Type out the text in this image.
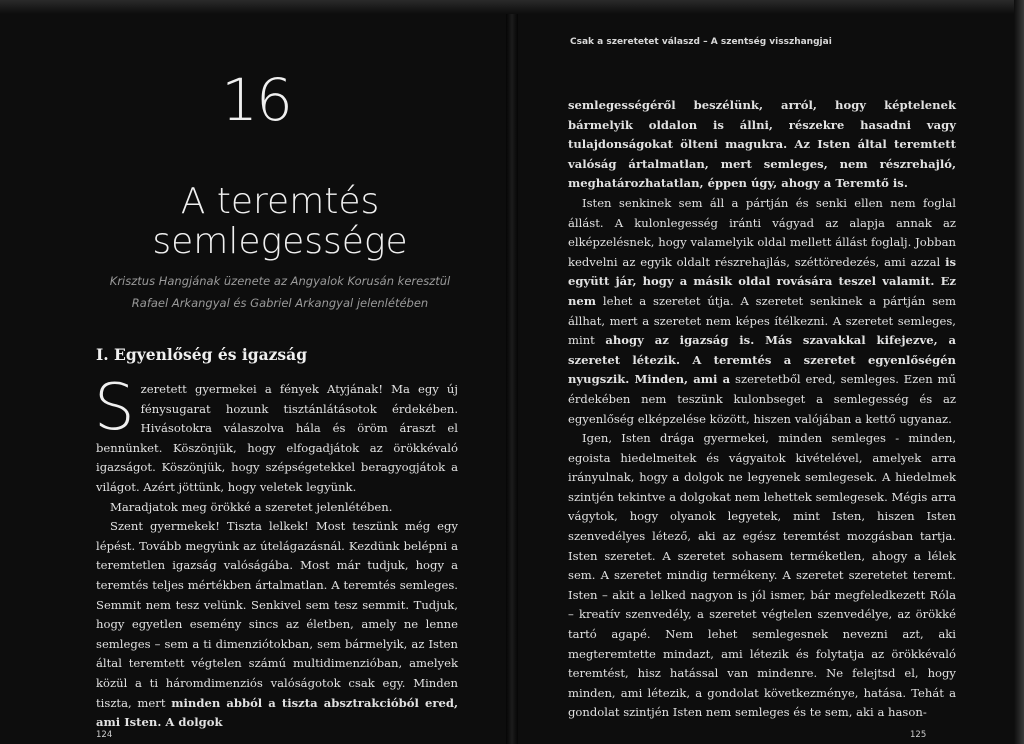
16
A teremtés
semlegessége
Krisztus Hangjának üzenete az Angyalok Korusán keresztül Rafael Arkangyal és Gabriel Arkangyal jelenlétében
I. Egyenlőség és igazság

Szeretett gyermekei a fények Atyjának! Ma egy új fénysugarat hozunk tisztánlátásotok érdekében. Hivásotokra válaszolva hála és öröm áraszt el bennünket. Köszönjük, hogy elfogadjátok az örökkévaló igazságot. Köszönjük, hogy szépségetekkel beragyogjátok a világot. Azért jöttünk, hogy veletek legyünk.

Maradjatok meg örökké a szeretet jelenlétében.

Szent gyermekek! Tiszta lelkek! Most teszünk még egy lépést. Tovább megyünk az útelágazásnál. Kezdünk belépni a teremtetlen igazság valóságába. Most már tudjuk, hogy a teremtés teljes mértékben ártalmatlan. A teremtés semleges. Semmit nem tesz velünk. Senkivel sem tesz semmit. Tudjuk, hogy egyetlen esemény sincs az életben, amely ne lenne semleges – sem a ti dimenziótokban, sem bármelyik, az Isten által teremtett végtelen számú multidimenzióban, amelyek közül a ti háromdimenziós valóságotok csak egy. Minden tiszta, mert minden abból a tiszta absztrakcióból ered, ami Isten. A dolgok

124
Csak a szeretetet válaszd – A szentség visszhangjai

semlegességéről beszélünk, arról, hogy képtelenek bármelyik oldalon is állni, részekre hasadni vagy tulajdonságokat ölteni magukra. Az Isten által teremtett valóság ártalmatlan, mert semleges, nem részrehajló, meghatározhatatlan, éppen úgy, ahogy a Teremtő is.

Isten senkinek sem áll a pártján és senki ellen nem foglal állást. A kulonlegesség iránti vágyad az alapja annak az elképzelésnek, hogy valamelyik oldal mellett állást foglalj. Jobban kedvelni az egyik oldalt részrehajlás, széttöredezés, ami azzal is együtt jár, hogy a másik oldal rovására teszel valamit. Ez nem lehet a szeretet útja. A szeretet senkinek a pártján sem állhat, mert a szeretet nem képes ítélkezni. A szeretet semleges, mint ahogy az igazság is. Más szavakkal kifejezve, a szeretet létezik. A teremtés a szeretet egyenlőségén nyugszik. Minden, ami a szeretetből ered, semleges. Ezen mű érdekében nem teszünk kulonbseget a semlegesség és az egyenlőség elképzelése között, hiszen valójában a kettő ugyanaz.

Igen, Isten drága gyermekei, minden semleges - minden, egoista hiedelmeitek és vágyaitok kivételével, amelyek arra irányulnak, hogy a dolgok ne legyenek semlegesek. A hiedelmek szintjén tekintve a dolgokat nem lehettek semlegesek. Mégis arra vágytok, hogy olyanok legyetek, mint Isten, hiszen Isten szenvedélyes létező, aki az egész teremtést mozgásban tartja. Isten szeretet. A szeretet sohasem terméketlen, ahogy a lélek sem. A szeretet mindig termékeny. A szeretet szeretetet teremt. Isten – akit a lelked nagyon is jól ismer, bár megfeledkezett Róla – kreatív szenvedély, a szeretet végtelen szenvedélye, az örökké tartó agapé. Nem lehet semlegesnek nevezni azt, aki megteremtette mindazt, ami létezik és folytatja az örökkévaló teremtést, hisz hatással van mindenre. Ne felejtsd el, hogy minden, ami létezik, a gondolat következménye, hatása. Tehát a gondolat szintjén Isten nem semleges és te sem, aki a hason-

125
